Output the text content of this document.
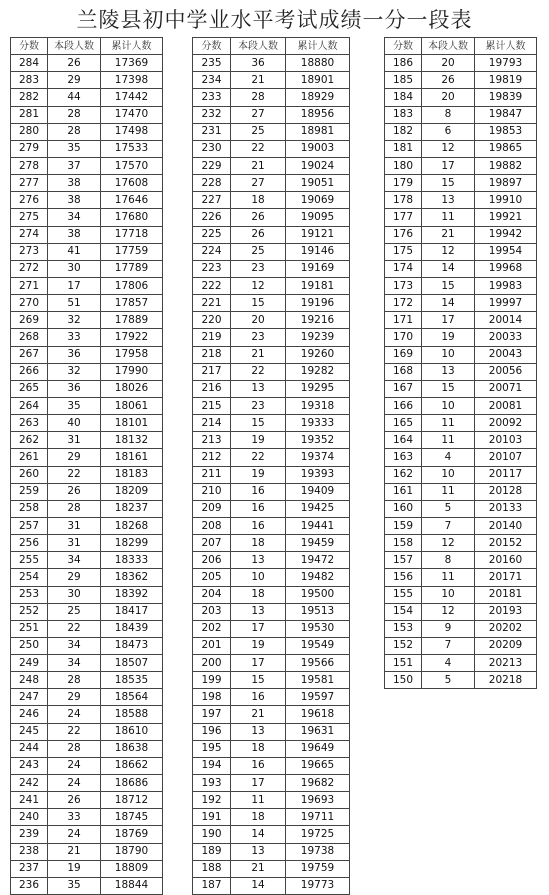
兰陵县初中学业水平考试成绩一分一段表
分数	本段人数	累计人数
284	26	17369
283	29	17398
282	44	17442
281	28	17470
280	28	17498
279	35	17533
278	37	17570
277	38	17608
276	38	17646
275	34	17680
274	38	17718
273	41	17759
272	30	17789
271	17	17806
270	51	17857
269	32	17889
268	33	17922
267	36	17958
266	32	17990
265	36	18026
264	35	18061
263	40	18101
262	31	18132
261	29	18161
260	22	18183
259	26	18209
258	28	18237
257	31	18268
256	31	18299
255	34	18333
254	29	18362
253	30	18392
252	25	18417
251	22	18439
250	34	18473
249	34	18507
248	28	18535
247	29	18564
246	24	18588
245	22	18610
244	28	18638
243	24	18662
242	24	18686
241	26	18712
240	33	18745
239	24	18769
238	21	18790
237	19	18809
236	35	18844
分数	本段人数	累计人数
235	36	18880
234	21	18901
233	28	18929
232	27	18956
231	25	18981
230	22	19003
229	21	19024
228	27	19051
227	18	19069
226	26	19095
225	26	19121
224	25	19146
223	23	19169
222	12	19181
221	15	19196
220	20	19216
219	23	19239
218	21	19260
217	22	19282
216	13	19295
215	23	19318
214	15	19333
213	19	19352
212	22	19374
211	19	19393
210	16	19409
209	16	19425
208	16	19441
207	18	19459
206	13	19472
205	10	19482
204	18	19500
203	13	19513
202	17	19530
201	19	19549
200	17	19566
199	15	19581
198	16	19597
197	21	19618
196	13	19631
195	18	19649
194	16	19665
193	17	19682
192	11	19693
191	18	19711
190	14	19725
189	13	19738
188	21	19759
187	14	19773
分数	本段人数	累计人数
186	20	19793
185	26	19819
184	20	19839
183	8	19847
182	6	19853
181	12	19865
180	17	19882
179	15	19897
178	13	19910
177	11	19921
176	21	19942
175	12	19954
174	14	19968
173	15	19983
172	14	19997
171	17	20014
170	19	20033
169	10	20043
168	13	20056
167	15	20071
166	10	20081
165	11	20092
164	11	20103
163	4	20107
162	10	20117
161	11	20128
160	5	20133
159	7	20140
158	12	20152
157	8	20160
156	11	20171
155	10	20181
154	12	20193
153	9	20202
152	7	20209
151	4	20213
150	5	20218
